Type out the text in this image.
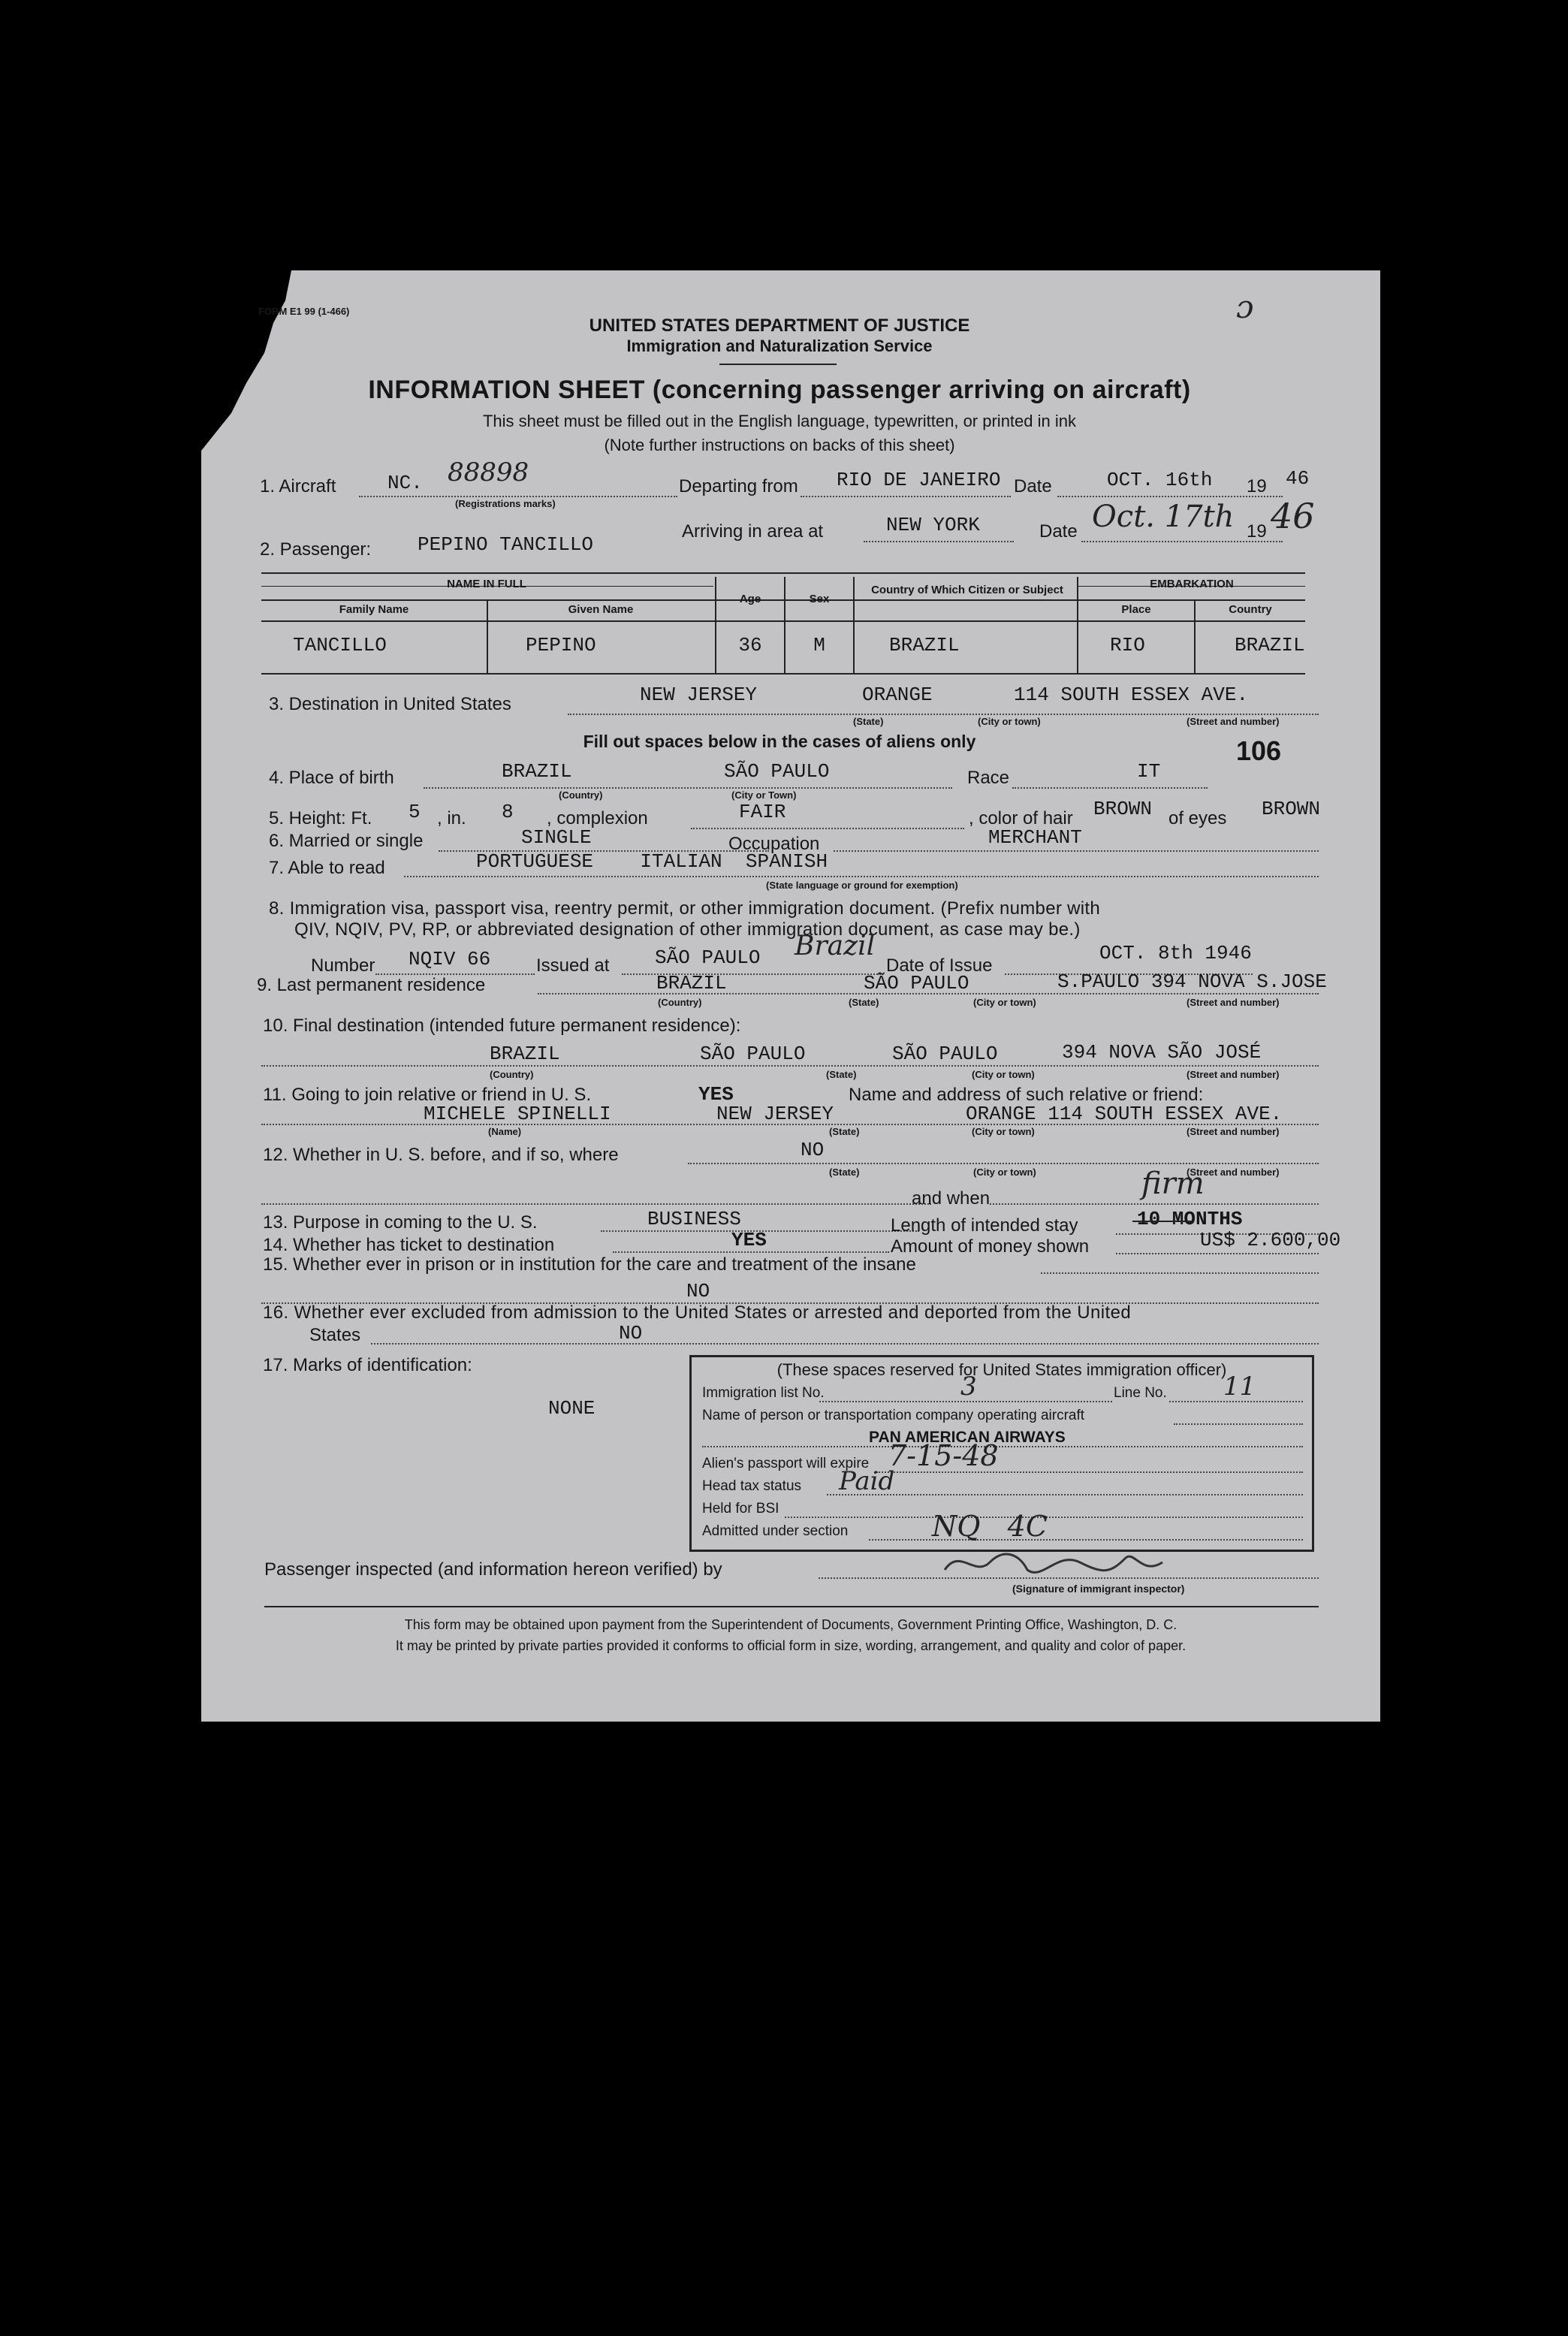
FORM E1 99 (1-466)
UNITED STATES DEPARTMENT OF JUSTICE
Immigration and Naturalization Service
ɔ
INFORMATION SHEET (concerning passenger arriving on aircraft)
This sheet must be filled out in the English language, typewritten, or printed in ink
(Note further instructions on backs of this sheet)
1. Aircraft	NC. 88898
(Registrations marks)
Departing from RIO DE JANEIRO Date	OCT. 16th 19 46
2. Passenger: PEPINO TANCILLO
Arriving in area at	NEW YORK	Date Oct. 17th 19 46
NAME IN FULL	EMBARKATION
Family Name	Given Name
Age	Sex
Country of Which Citizen or Subject
Place	Country
TANCILLO	PEPINO	36	M	BRAZIL	RIO	BRAZIL
3. Destination in United States	NEW JERSEY	ORANGE	114 SOUTH ESSEX AVE.
(State)	(City or town)	(Street and number)
Fill out spaces below in the cases of aliens only	106
4. Place of birth	BRAZIL	SÃO PAULO
(Country)	(City or Town)
Race	IT
5. Height: Ft. 5 , in. 8 , complexion	FAIR	, color of hair BROWN of eyes BROWN
6. Married or single	SINGLE	Occupation	MERCHANT
7. Able to read	PORTUGUESE    ITALIAN  SPANISH
(State language or ground for exemption)
8. Immigration visa, passport visa, reentry permit, or other immigration document. (Prefix number with
QIV, NQIV, PV, RP, or abbreviated designation of other immigration document, as case may be.)
Number NQIV 66	Issued at SÃO PAULO Brazil
Date of Issue
OCT. 8th 1946
9. Last permanent residence	BRAZIL	SÃO PAULO	S.PAULO 394 NOVA S.JOSE
(Country)	(State)	(City or town)	(Street and number)
10. Final destination (intended future permanent residence):
BRAZIL	SÃO PAULO	SÃO PAULO	394 NOVA SÃO JOSÉ
(Country)	(State)	(City or town)	(Street and number)
11. Going to join relative or friend in U. S.	YES	Name and address of such relative or friend:
MICHELE SPINELLI	NEW JERSEY	ORANGE 114 SOUTH ESSEX AVE.
(Name)	(State)	(City or town)	(Street and number)
12. Whether in U. S. before, and if so, where	NO
(State)	(City or town)	(Street and number)
and when	firm
13. Purpose in coming to the U. S.	BUSINESS	Length of intended stay	10 MONTHS
14. Whether has ticket to destination	YES	Amount of money shown	US$ 2.600,00
15. Whether ever in prison or in institution for the care and treatment of the insane
NO
16. Whether ever excluded from admission to the United States or arrested and deported from the United
States	NO
17. Marks of identification:
NONE
(These spaces reserved for United States immigration officer)
Immigration list No.	3	Line No. 11
Name of person or transportation company operating aircraft
PAN AMERICAN AIRWAYS
Alien's passport will expire 7-15-48
Head tax status Paid
Held for BSI
Admitted under section	NQ   4C
Passenger inspected (and information hereon verified) by
(Signature of immigrant inspector)
This form may be obtained upon payment from the Superintendent of Documents, Government Printing Office, Washington, D. C.
It may be printed by private parties provided it conforms to official form in size, wording, arrangement, and quality and color of paper.
